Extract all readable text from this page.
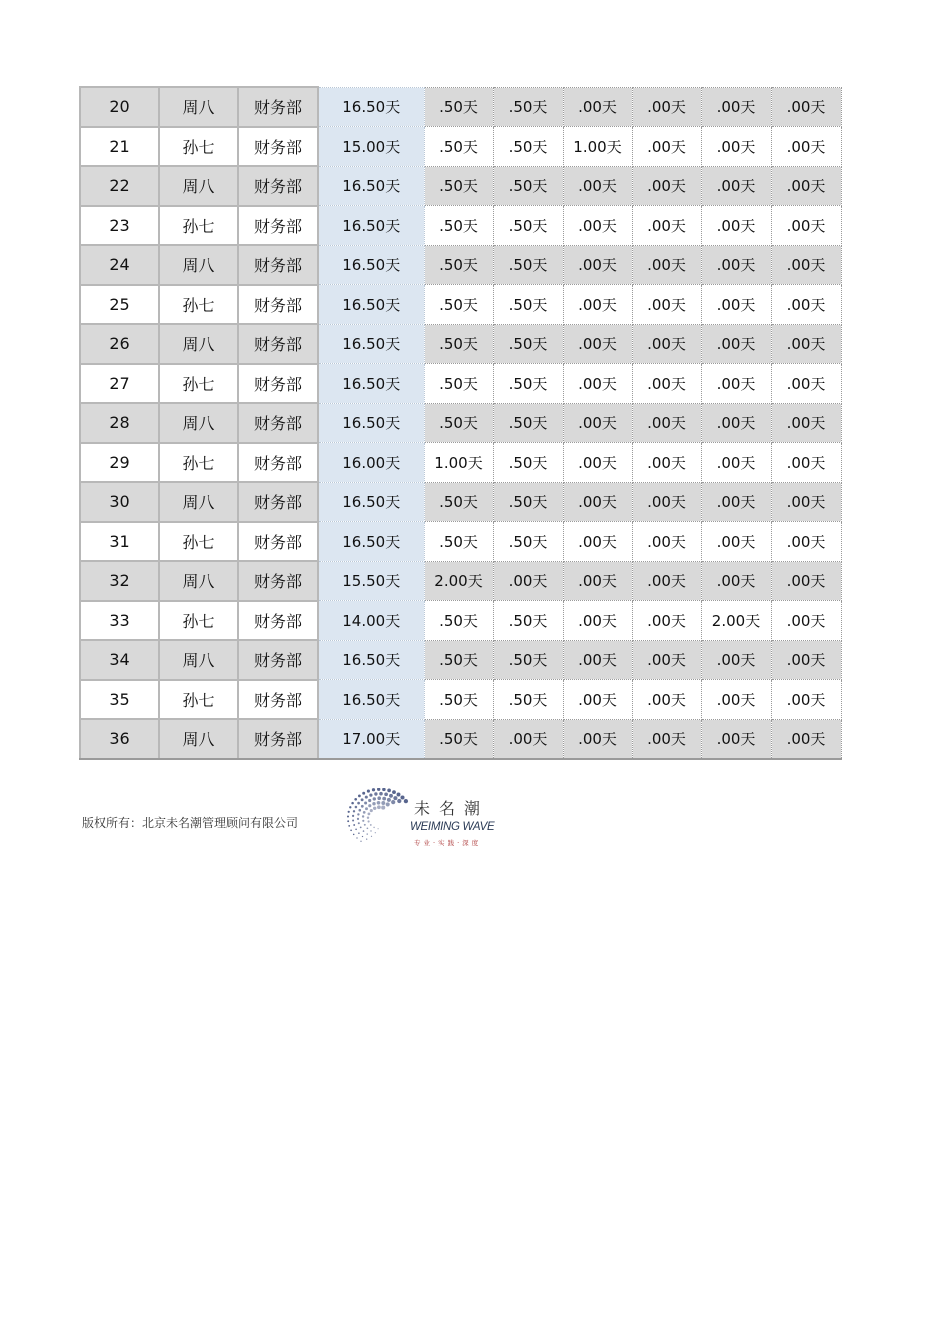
20	周八	财务部	16.50天	.50天	.50天	.00天	.00天	.00天	.00天
21	孙七	财务部	15.00天	.50天	.50天	1.00天	.00天	.00天	.00天
22	周八	财务部	16.50天	.50天	.50天	.00天	.00天	.00天	.00天
23	孙七	财务部	16.50天	.50天	.50天	.00天	.00天	.00天	.00天
24	周八	财务部	16.50天	.50天	.50天	.00天	.00天	.00天	.00天
25	孙七	财务部	16.50天	.50天	.50天	.00天	.00天	.00天	.00天
26	周八	财务部	16.50天	.50天	.50天	.00天	.00天	.00天	.00天
27	孙七	财务部	16.50天	.50天	.50天	.00天	.00天	.00天	.00天
28	周八	财务部	16.50天	.50天	.50天	.00天	.00天	.00天	.00天
29	孙七	财务部	16.00天	1.00天	.50天	.00天	.00天	.00天	.00天
30	周八	财务部	16.50天	.50天	.50天	.00天	.00天	.00天	.00天
31	孙七	财务部	16.50天	.50天	.50天	.00天	.00天	.00天	.00天
32	周八	财务部	15.50天	2.00天	.00天	.00天	.00天	.00天	.00天
33	孙七	财务部	14.00天	.50天	.50天	.00天	.00天	2.00天	.00天
34	周八	财务部	16.50天	.50天	.50天	.00天	.00天	.00天	.00天
35	孙七	财务部	16.50天	.50天	.50天	.00天	.00天	.00天	.00天
36	周八	财务部	17.00天	.50天	.00天	.00天	.00天	.00天	.00天
版权所有：北京未名潮管理顾问有限公司
未名潮
WEIMING WAVE
专业·实践·深度
